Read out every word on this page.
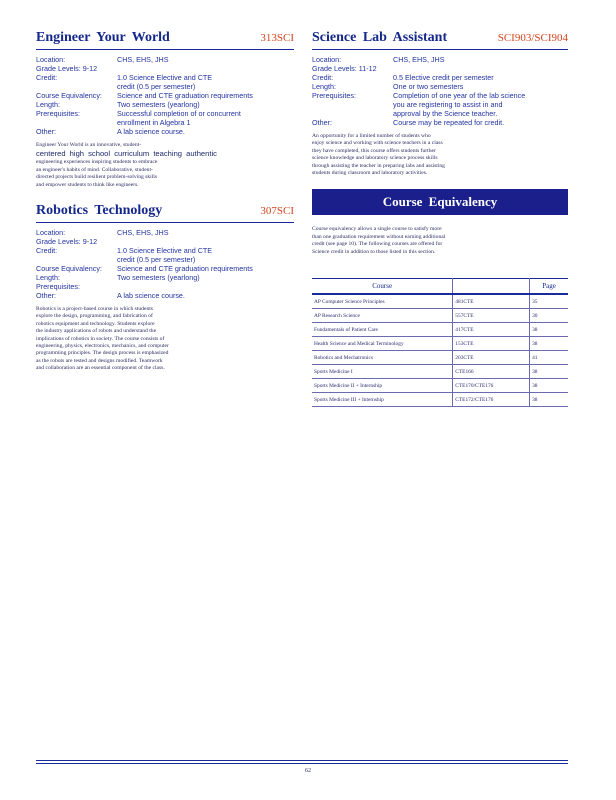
Engineer Your World	313SCI
Location:	CHS, EHS, JHS
Grade Levels: 9-12
Credit:	1.0 Science Elective and CTE
credit (0.5 per semester)
Course Equivalency:	Science and CTE graduation requirements
Length:	Two semesters (yearlong)
Prerequisites:	Successful completion of or concurrent
enrollment in Algebra 1
Other:	A lab science course.
Engineer Your World is an innovative, student-
centered high school curriculum teaching authentic
engineering experiences inspiring students to embrace
an engineer's habits of mind. Collaborative, student-
directed projects build resilient problem-solving skills
and empower students to think like engineers.
Robotics Technology	307SCI
Location:	CHS, EHS, JHS
Grade Levels: 9-12
Credit:	1.0 Science Elective and CTE
credit (0.5 per semester)
Course Equivalency:	Science and CTE graduation requirements
Length:	Two semesters (yearlong)
Prerequisites:
Other:	A lab science course.
Robotics is a project-based course in which students
explore the design, programming, and fabrication of
robotics equipment and technology. Students explore
the industry applications of robots and understand the
implications of robotics in society. The course consists of
engineering, physics, electronics, mechanics, and computer
programming principles. The design process is emphasized
as the robots are tested and designs modified. Teamwork
and collaboration are an essential component of the class.
Science Lab Assistant	SCI903/SCI904
Location:	CHS, EHS, JHS
Grade Levels: 11-12
Credit:	0.5 Elective credit per semester
Length:	One or two semesters
Prerequisites:	Completion of one year of the lab science
you are registering to assist in and
approval by the Science teacher.
Other:	Course may be repeated for credit.
An opportunity for a limited number of students who
enjoy science and working with science teachers in a class
they have completed, this course offers students further
science knowledge and laboratory science process skills
through assisting the teacher in preparing labs and assisting
students during classroom and laboratory activities.
Course Equivalency
Course equivalency allows a single course to satisfy more
than one graduation requirement without earning additional
credit (see page 10). The following courses are offered for
Science credit in addition to those listed in this section.
Course		Page
AP Computer Science Principles	481CTE	35
AP Research Science	557CTE	30
Fundamentals of Patient Care	417CTE	38
Health Science and Medical Terminology	153CTE	38
Robotics and Mechatronics	203CTE	41
Sports Medicine I	CTE166	38
Sports Medicine II + Internship	CTE170/CTE176	38
Sports Medicine III + Internship	CTE172/CTE176	38
62
